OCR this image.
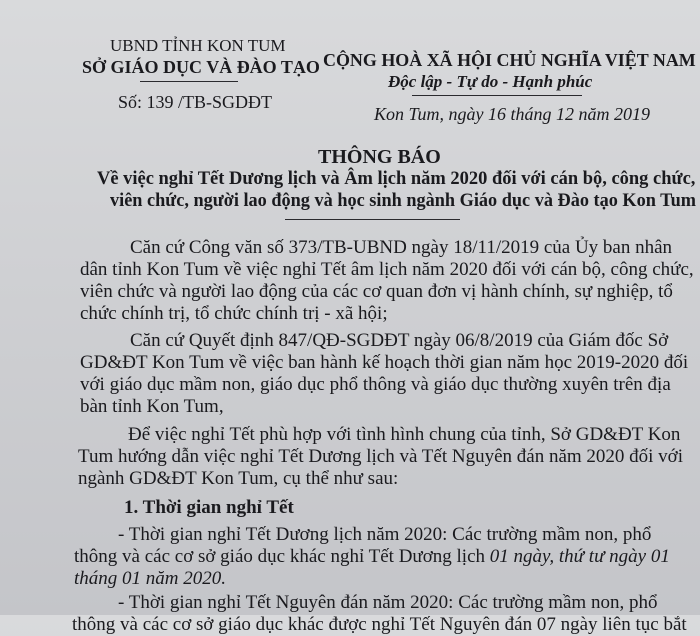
UBND TỈNH KON TUM
SỞ GIÁO DỤC VÀ ĐÀO TẠO
Số: 139 /TB-SGDĐT
CỘNG HOÀ XÃ HỘI CHỦ NGHĨA VIỆT NAM
Độc lập - Tự do - Hạnh phúc
Kon Tum, ngày 16 tháng 12 năm 2019
THÔNG BÁO
Về việc nghỉ Tết Dương lịch và Âm lịch năm 2020 đối với cán bộ, công chức,
viên chức, người lao động và học sinh ngành Giáo dục và Đào tạo Kon Tum
Căn cứ Công văn số 373/TB-UBND ngày 18/11/2019 của Ủy ban nhân
dân tỉnh Kon Tum về việc nghỉ Tết âm lịch năm 2020 đối với cán bộ, công chức,
viên chức và người lao động của các cơ quan đơn vị hành chính, sự nghiệp, tổ
chức chính trị, tổ chức chính trị - xã hội;
Căn cứ Quyết định 847/QĐ-SGDĐT ngày 06/8/2019 của Giám đốc Sở
GD&ĐT Kon Tum về việc ban hành kế hoạch thời gian năm học 2019-2020 đối
với giáo dục mầm non, giáo dục phổ thông và giáo dục thường xuyên trên địa
bàn tỉnh Kon Tum,
Để việc nghỉ Tết phù hợp với tình hình chung của tỉnh, Sở GD&ĐT Kon
Tum hướng dẫn việc nghỉ Tết Dương lịch và Tết Nguyên đán năm 2020 đối với
ngành GD&ĐT Kon Tum, cụ thể như sau:
1. Thời gian nghỉ Tết
- Thời gian nghỉ Tết Dương lịch năm 2020: Các trường mầm non, phổ
thông và các cơ sở giáo dục khác nghỉ Tết Dương lịch 01 ngày, thứ tư ngày 01
tháng 01 năm 2020.
- Thời gian nghỉ Tết Nguyên đán năm 2020: Các trường mầm non, phổ
thông và các cơ sở giáo dục khác được nghỉ Tết Nguyên đán 07 ngày liên tục bắt
